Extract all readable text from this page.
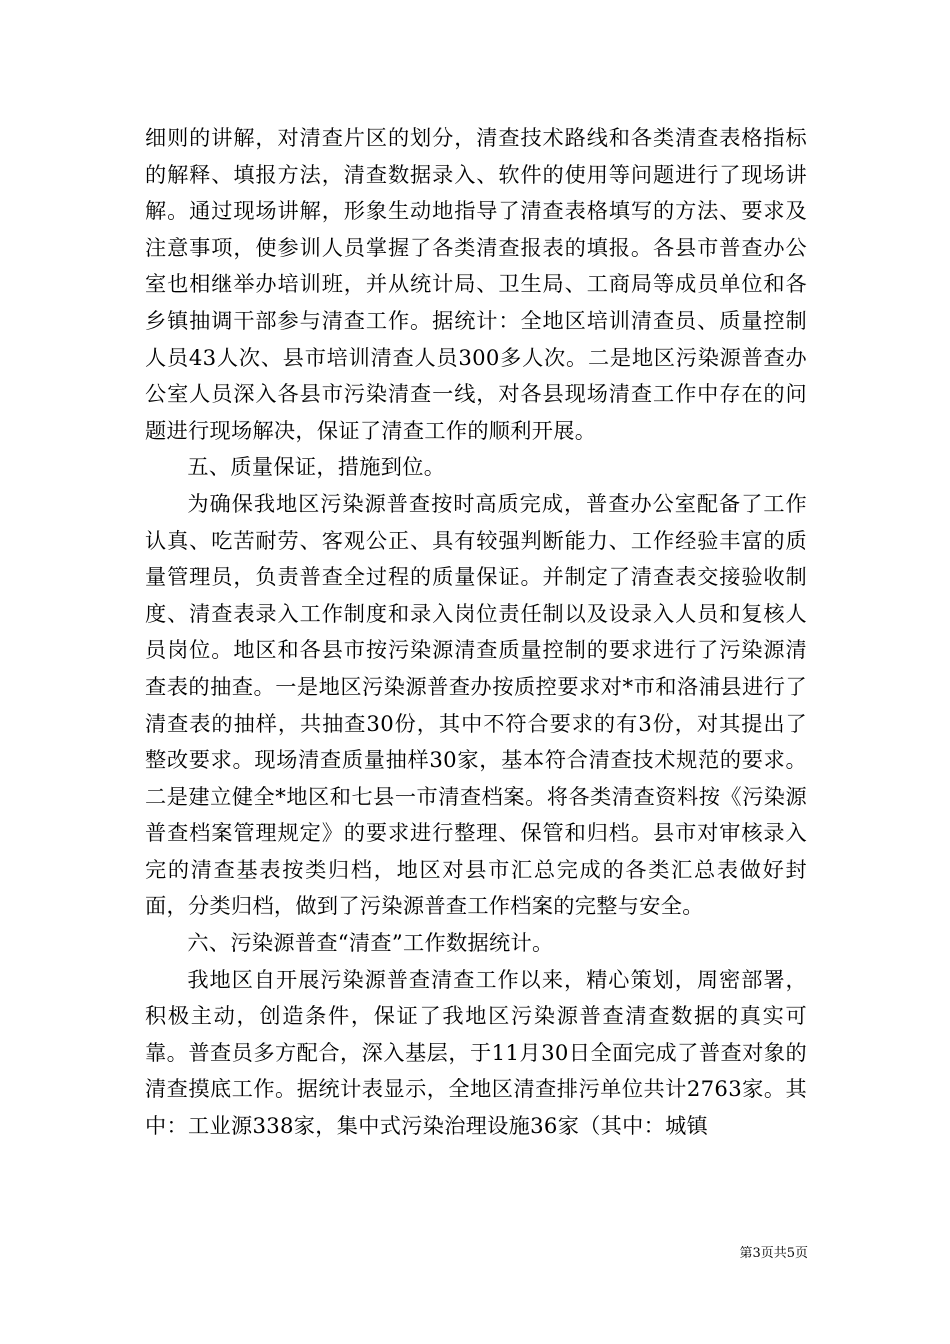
细则的讲解，对清查片区的划分，清查技术路线和各类清查表格指标的解释、填报方法，清查数据录入、软件的使用等问题进行了现场讲解。通过现场讲解，形象生动地指导了清查表格填写的方法、要求及注意事项，使参训人员掌握了各类清查报表的填报。各县市普查办公室也相继举办培训班，并从统计局、卫生局、工商局等成员单位和各乡镇抽调干部参与清查工作。据统计：全地区培训清查员、质量控制人员43人次、县市培训清查人员300多人次。二是地区污染源普查办公室人员深入各县市污染清查一线，对各县现场清查工作中存在的问题进行现场解决，保证了清查工作的顺利开展。

五、质量保证，措施到位。

为确保我地区污染源普查按时高质完成，普查办公室配备了工作认真、吃苦耐劳、客观公正、具有较强判断能力、工作经验丰富的质量管理员，负责普查全过程的质量保证。并制定了清查表交接验收制度、清查表录入工作制度和录入岗位责任制以及设录入人员和复核人员岗位。地区和各县市按污染源清查质量控制的要求进行了污染源清查表的抽查。一是地区污染源普查办按质控要求对*市和洛浦县进行了清查表的抽样，共抽查30份，其中不符合要求的有3份，对其提出了整改要求。现场清查质量抽样30家，基本符合清查技术规范的要求。二是建立健全*地区和七县一市清查档案。将各类清查资料按《污染源普查档案管理规定》的要求进行整理、保管和归档。县市对审核录入完的清查基表按类归档，地区对县市汇总完成的各类汇总表做好封面，分类归档，做到了污染源普查工作档案的完整与安全。

六、污染源普查“清查”工作数据统计。

我地区自开展污染源普查清查工作以来，精心策划，周密部署，积极主动，创造条件，保证了我地区污染源普查清查数据的真实可靠。普查员多方配合，深入基层，于11月30日全面完成了普查对象的清查摸底工作。据统计表显示，全地区清查排污单位共计2763家。其中：工业源338家，集中式污染治理设施36家（其中：城镇

第3页共5页
